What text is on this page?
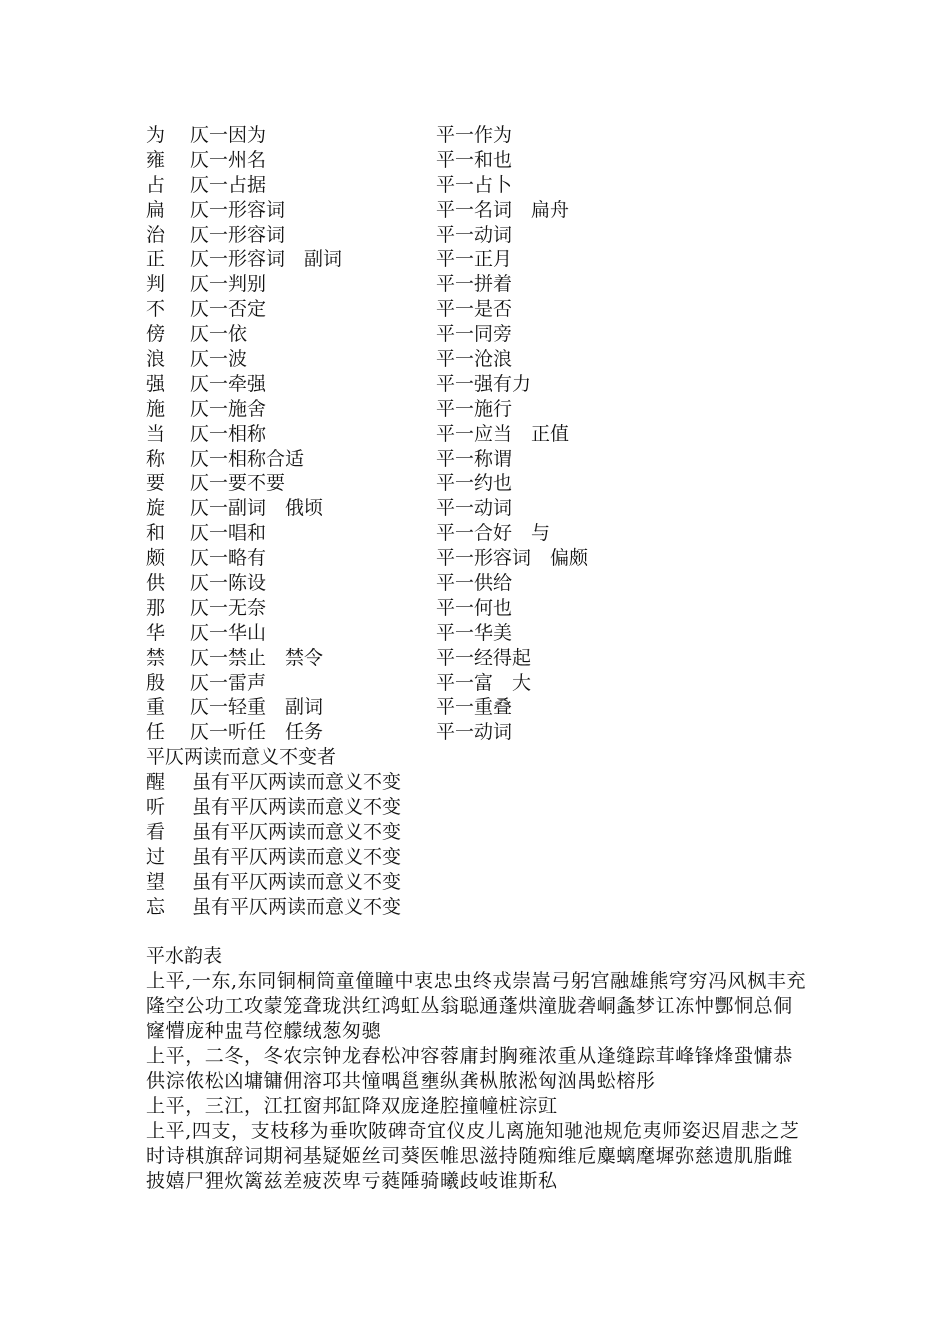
为 仄一因为	平一作为
雍 仄一州名	平一和也
占 仄一占据	平一占卜
扁 仄一形容词	平一名词　扁舟
治 仄一形容词	平一动词
正 仄一形容词　副词	平一正月
判 仄一判别	平一拼着
不 仄一否定	平一是否
傍 仄一依	平一同旁
浪 仄一波	平一沧浪
强 仄一牵强	平一强有力
施 仄一施舍	平一施行
当 仄一相称	平一应当　正值
称 仄一相称合适	平一称谓
要 仄一要不要	平一约也
旋 仄一副词　俄顷	平一动词
和 仄一唱和	平一合好　与
颇 仄一略有	平一形容词　偏颇
供 仄一陈设	平一供给
那 仄一无奈	平一何也
华 仄一华山	平一华美
禁 仄一禁止　禁令	平一经得起
殷 仄一雷声	平一富　大
重 仄一轻重　副词	平一重叠
任 仄一听任　任务	平一动词
平仄两读而意义不变者
醒 虽有平仄两读而意义不变
听 虽有平仄两读而意义不变
看 虽有平仄两读而意义不变
过 虽有平仄两读而意义不变
望 虽有平仄两读而意义不变
忘 虽有平仄两读而意义不变
平水韵表
上平,一东,东同铜桐筒童僮瞳中衷忠虫终戎崇嵩弓躬宫融雄熊穹穷冯风枫丰充隆空公功工攻蒙笼聋珑洪红鸿虹丛翁聪通蓬烘潼胧砻峒螽梦讧冻忡酆恫总侗窿懵庞种盅芎倥艨绒葱匆骢
上平，二冬，冬农宗钟龙舂松冲容蓉庸封胸雍浓重从逢缝踪茸峰锋烽蛩慵恭供淙侬松凶墉镛佣溶邛共憧喁邕壅纵龚枞脓淞匈汹禺蚣榕彤
上平，三江，江扛窗邦缸降双庞逄腔撞幢桩淙豇
上平,四支，支枝移为垂吹陂碑奇宜仪皮儿离施知驰池规危夷师姿迟眉悲之芝时诗棋旗辞词期祠基疑姬丝司葵医帷思滋持随痴维卮麋螭麾墀弥慈遗肌脂雌披嬉尸狸炊篱兹差疲茨卑亏蕤陲骑曦歧岐谁斯私
